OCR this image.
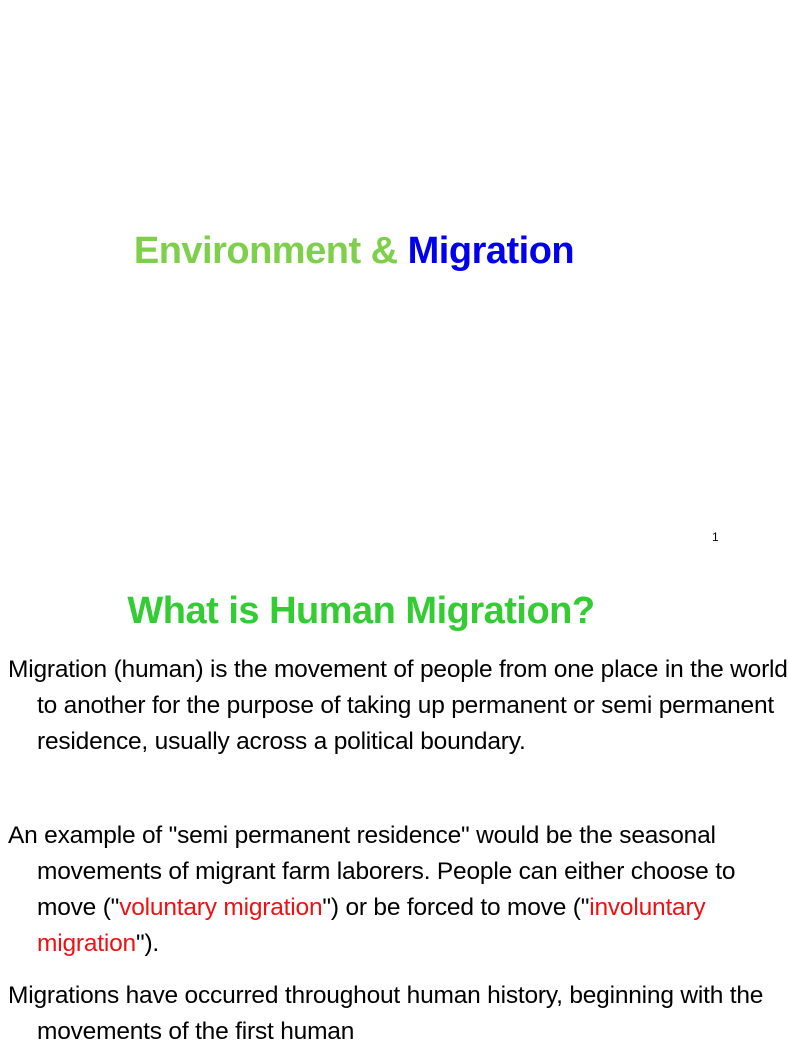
Environment & Migration
1
What is Human Migration?
Migration (human) is the movement of people from one place in the world to another for the purpose of taking up permanent or semi permanent residence, usually across a political boundary.
An example of "semi permanent residence" would be the seasonal movements of migrant farm laborers. People can either choose to move ("voluntary migration") or be forced to move ("involuntary migration").
Migrations have occurred throughout human history, beginning with the movements of the first human
